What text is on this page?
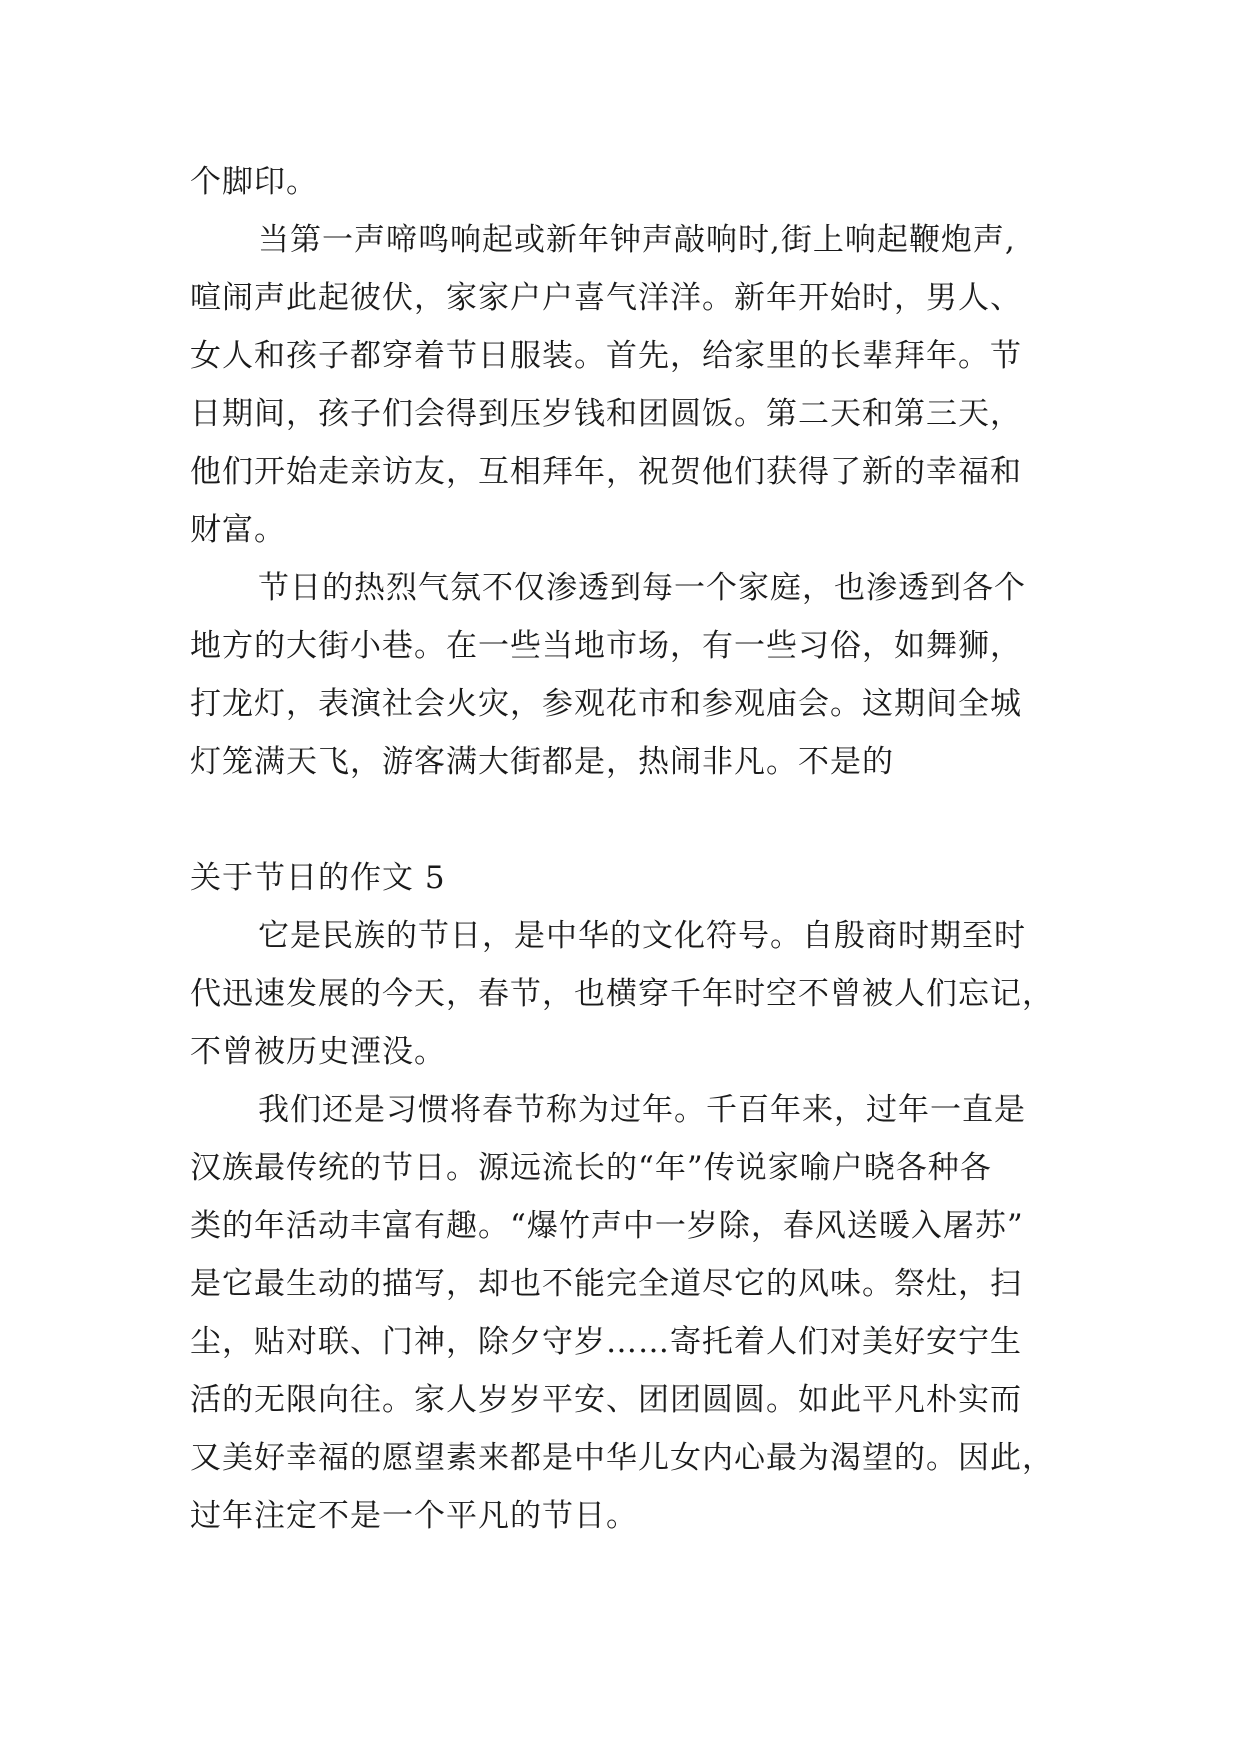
个脚印。

当第一声啼鸣响起或新年钟声敲响时,街上响起鞭炮声,

喧闹声此起彼伏，家家户户喜气洋洋。新年开始时，男人、

女人和孩子都穿着节日服装。首先，给家里的长辈拜年。节

日期间，孩子们会得到压岁钱和团圆饭。第二天和第三天，

他们开始走亲访友，互相拜年，祝贺他们获得了新的幸福和

财富。

节日的热烈气氛不仅渗透到每一个家庭，也渗透到各个

地方的大街小巷。在一些当地市场，有一些习俗，如舞狮，

打龙灯，表演社会火灾，参观花市和参观庙会。这期间全城

灯笼满天飞，游客满大街都是，热闹非凡。不是的

关于节日的作文 5

它是民族的节日，是中华的文化符号。自殷商时期至时

代迅速发展的今天，春节，也横穿千年时空不曾被人们忘记，

不曾被历史湮没。

我们还是习惯将春节称为过年。千百年来，过年一直是

汉族最传统的节日。源远流长的“年”传说家喻户晓各种各

类的年活动丰富有趣。“爆竹声中一岁除，春风送暖入屠苏”

是它最生动的描写，却也不能完全道尽它的风味。祭灶，扫

尘，贴对联、门神，除夕守岁……寄托着人们对美好安宁生

活的无限向往。家人岁岁平安、团团圆圆。如此平凡朴实而

又美好幸福的愿望素来都是中华儿女内心最为渴望的。因此，

过年注定不是一个平凡的节日。
